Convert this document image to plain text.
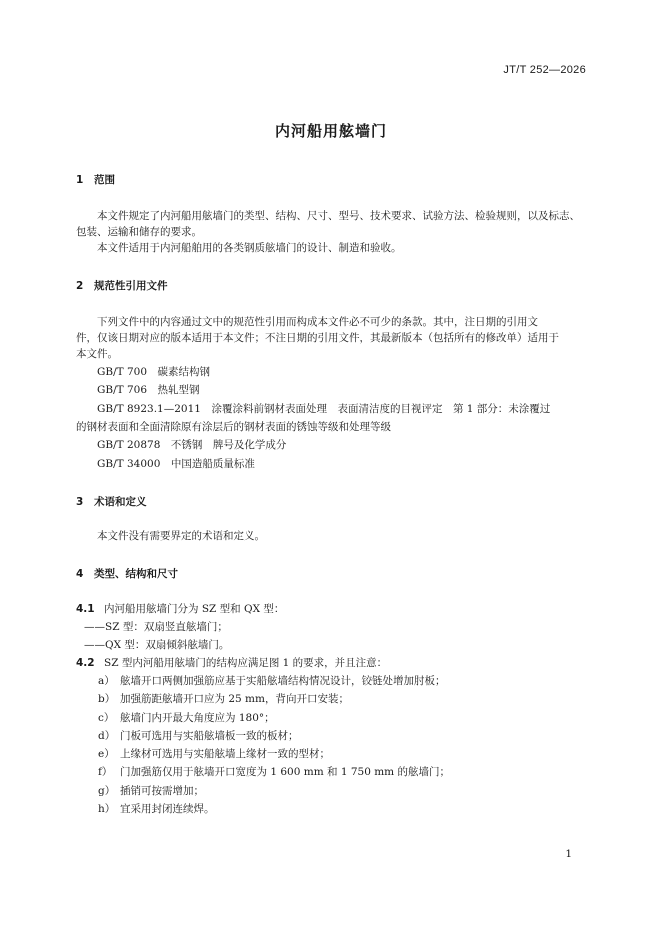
JT/T 252—2026
内河船用舷墙门
1 范围
本文件规定了内河船用舷墙门的类型、结构、尺寸、型号、技术要求、试验方法、检验规则，以及标志、
包装、运输和储存的要求。
本文件适用于内河船舶用的各类钢质舷墙门的设计、制造和验收。
2 规范性引用文件
下列文件中的内容通过文中的规范性引用而构成本文件必不可少的条款。其中，注日期的引用文
件，仅该日期对应的版本适用于本文件；不注日期的引用文件，其最新版本（包括所有的修改单）适用于
本文件。
GB/T 700　碳素结构钢
GB/T 706　热轧型钢
GB/T 8923.1—2011　涂覆涂料前钢材表面处理　表面清洁度的目视评定　第 1 部分：未涂覆过
的钢材表面和全面清除原有涂层后的钢材表面的锈蚀等级和处理等级
GB/T 20878　不锈钢　牌号及化学成分
GB/T 34000　中国造船质量标准
3 术语和定义
本文件没有需要界定的术语和定义。
4 类型、结构和尺寸
4.1 内河船用舷墙门分为 SZ 型和 QX 型：
——SZ 型：双扇竖直舷墙门；
——QX 型：双扇倾斜舷墙门。
4.2 SZ 型内河船用舷墙门的结构应满足图 1 的要求，并且注意：
a） 舷墙开口两侧加强筋应基于实船舷墙结构情况设计，铰链处增加肘板；
b） 加强筋距舷墙开口应为 25 mm，背向开口安装；
c） 舷墙门内开最大角度应为 180°；
d） 门板可选用与实船舷墙板一致的板材；
e） 上缘材可选用与实船舷墙上缘材一致的型材；
f） 门加强筋仅用于舷墙开口宽度为 1 600 mm 和 1 750 mm 的舷墙门；
g） 插销可按需增加；
h） 宜采用封闭连续焊。
1
